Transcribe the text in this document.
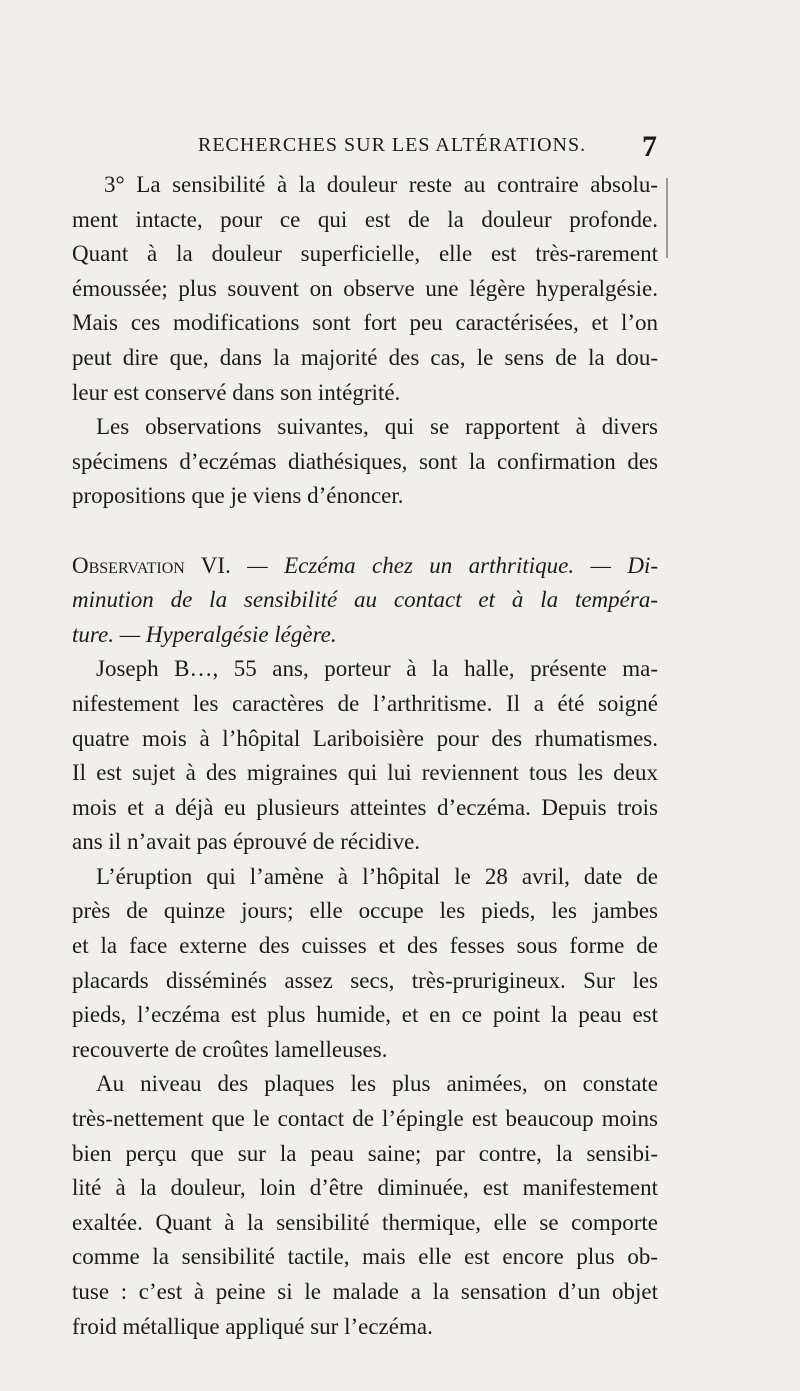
RECHERCHES SUR LES ALTÉRATIONS. 7
3° La sensibilité à la douleur reste au contraire absolu-
ment intacte, pour ce qui est de la douleur profonde.
Quant à la douleur superficielle, elle est très-rarement
émoussée; plus souvent on observe une légère hyperalgésie.
Mais ces modifications sont fort peu caractérisées, et l’on
peut dire que, dans la majorité des cas, le sens de la dou-
leur est conservé dans son intégrité.
Les observations suivantes, qui se rapportent à divers
spécimens d’eczémas diathésiques, sont la confirmation des
propositions que je viens d’énoncer.
Observation VI. — Eczéma chez un arthritique. — Di-
minution de la sensibilité au contact et à la tempéra-
ture. — Hyperalgésie légère.
Joseph B…, 55 ans, porteur à la halle, présente ma-
nifestement les caractères de l’arthritisme. Il a été soigné
quatre mois à l’hôpital Lariboisière pour des rhumatismes.
Il est sujet à des migraines qui lui reviennent tous les deux
mois et a déjà eu plusieurs atteintes d’eczéma. Depuis trois
ans il n’avait pas éprouvé de récidive.
L’éruption qui l’amène à l’hôpital le 28 avril, date de
près de quinze jours; elle occupe les pieds, les jambes
et la face externe des cuisses et des fesses sous forme de
placards disséminés assez secs, très-prurigineux. Sur les
pieds, l’eczéma est plus humide, et en ce point la peau est
recouverte de croûtes lamelleuses.
Au niveau des plaques les plus animées, on constate
très-nettement que le contact de l’épingle est beaucoup moins
bien perçu que sur la peau saine; par contre, la sensibi-
lité à la douleur, loin d’être diminuée, est manifestement
exaltée. Quant à la sensibilité thermique, elle se comporte
comme la sensibilité tactile, mais elle est encore plus ob-
tuse : c’est à peine si le malade a la sensation d’un objet
froid métallique appliqué sur l’eczéma.
